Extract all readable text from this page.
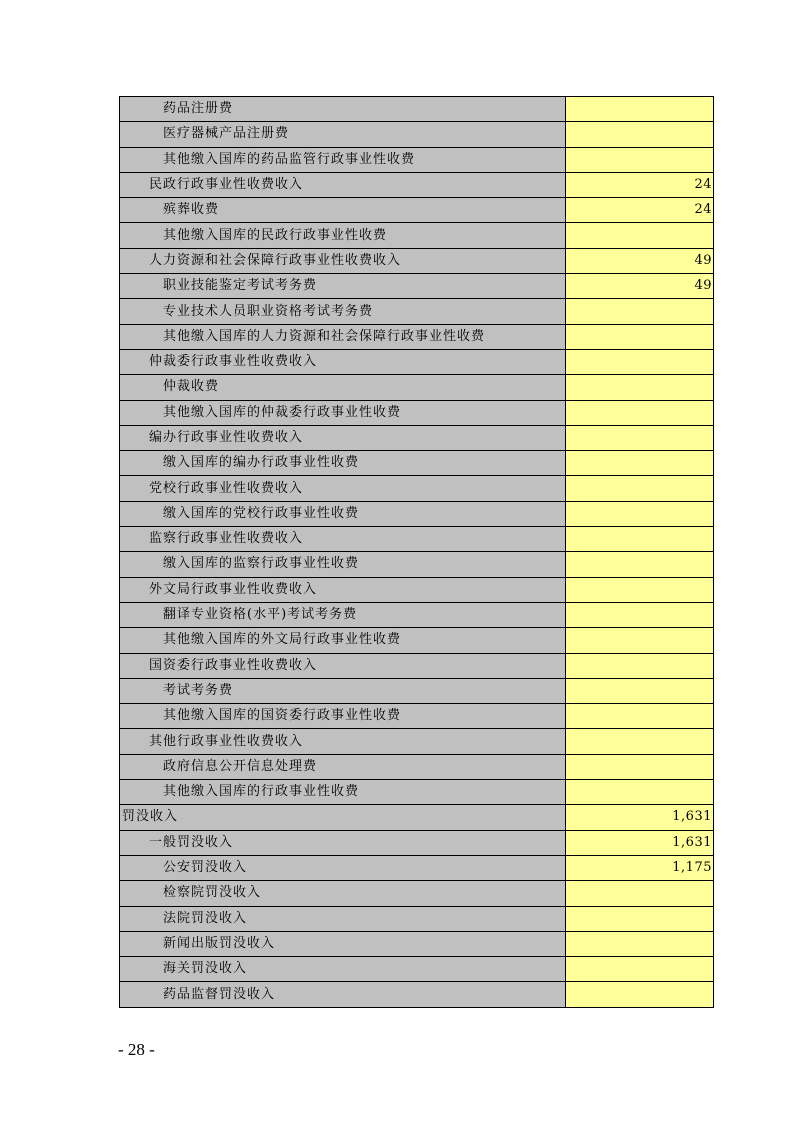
药品注册费	
医疗器械产品注册费	
其他缴入国库的药品监管行政事业性收费	
民政行政事业性收费收入	24
殡葬收费	24
其他缴入国库的民政行政事业性收费	
人力资源和社会保障行政事业性收费收入	49
职业技能鉴定考试考务费	49
专业技术人员职业资格考试考务费	
其他缴入国库的人力资源和社会保障行政事业性收费	
仲裁委行政事业性收费收入	
仲裁收费	
其他缴入国库的仲裁委行政事业性收费	
编办行政事业性收费收入	
缴入国库的编办行政事业性收费	
党校行政事业性收费收入	
缴入国库的党校行政事业性收费	
监察行政事业性收费收入	
缴入国库的监察行政事业性收费	
外文局行政事业性收费收入	
翻译专业资格(水平)考试考务费	
其他缴入国库的外文局行政事业性收费	
国资委行政事业性收费收入	
考试考务费	
其他缴入国库的国资委行政事业性收费	
其他行政事业性收费收入	
政府信息公开信息处理费	
其他缴入国库的行政事业性收费	
罚没收入	1,631
一般罚没收入	1,631
公安罚没收入	1,175
检察院罚没收入	
法院罚没收入	
新闻出版罚没收入	
海关罚没收入	
药品监督罚没收入	
- 28 -
